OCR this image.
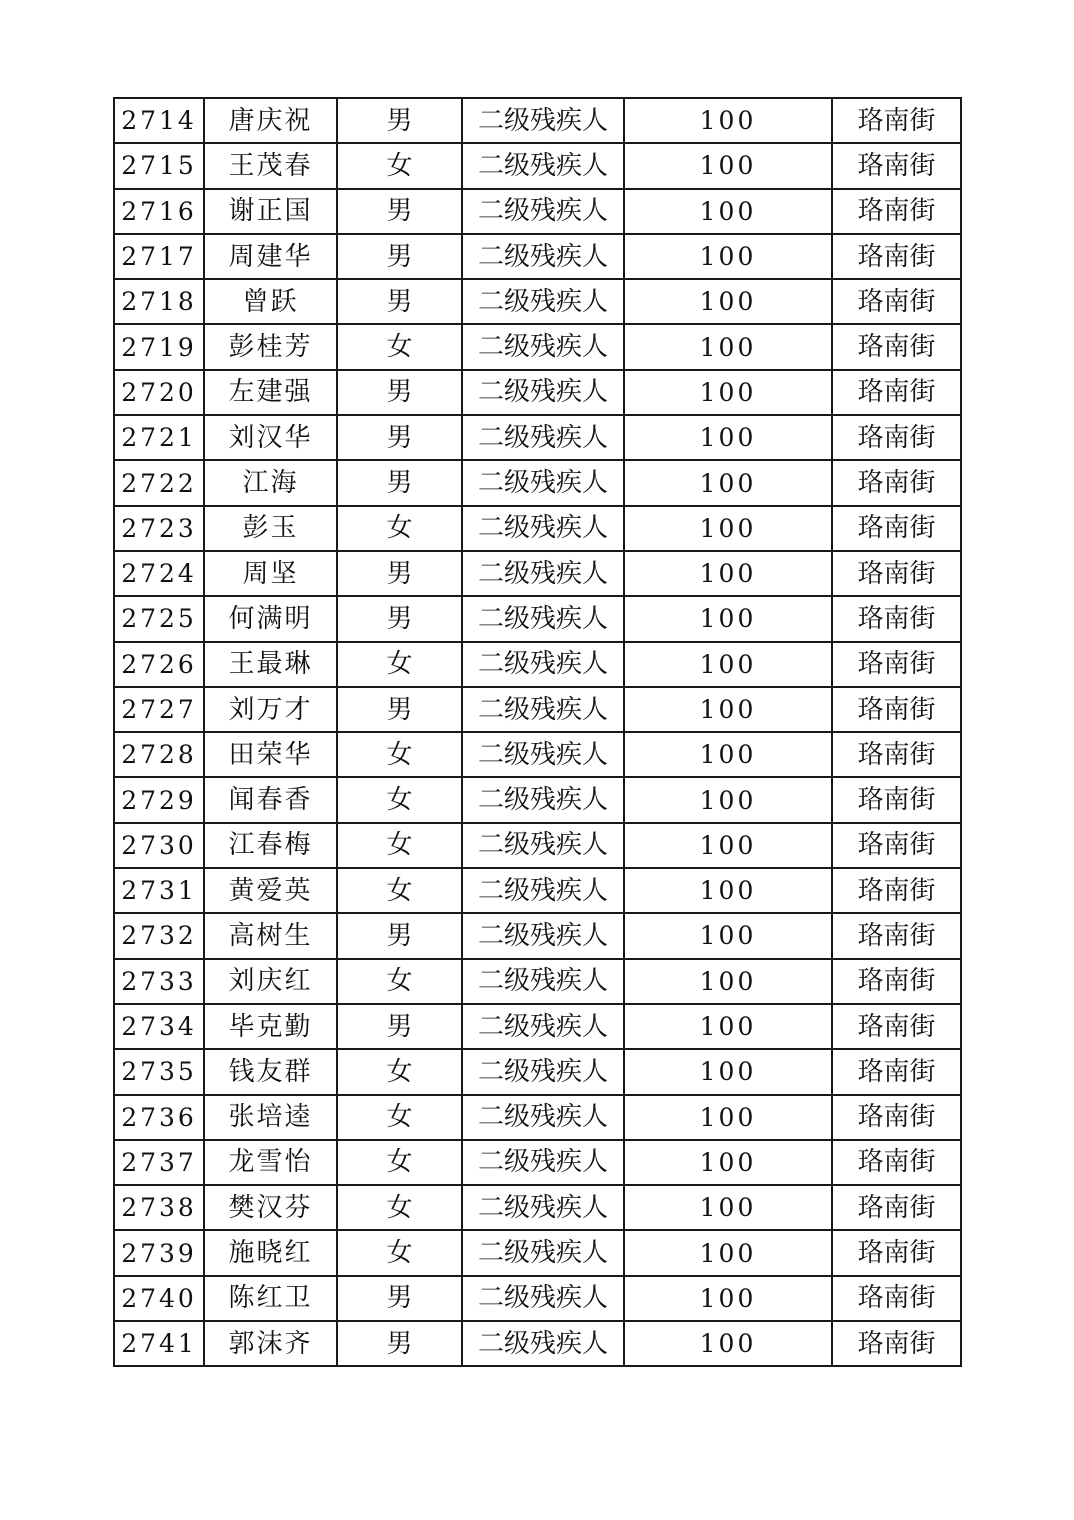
2714	唐庆祝	男	二级残疾人	100	珞南街
2715	王茂春	女	二级残疾人	100	珞南街
2716	谢正国	男	二级残疾人	100	珞南街
2717	周建华	男	二级残疾人	100	珞南街
2718	曾跃	男	二级残疾人	100	珞南街
2719	彭桂芳	女	二级残疾人	100	珞南街
2720	左建强	男	二级残疾人	100	珞南街
2721	刘汉华	男	二级残疾人	100	珞南街
2722	江海	男	二级残疾人	100	珞南街
2723	彭玉	女	二级残疾人	100	珞南街
2724	周坚	男	二级残疾人	100	珞南街
2725	何满明	男	二级残疾人	100	珞南街
2726	王最琳	女	二级残疾人	100	珞南街
2727	刘万才	男	二级残疾人	100	珞南街
2728	田荣华	女	二级残疾人	100	珞南街
2729	闻春香	女	二级残疾人	100	珞南街
2730	江春梅	女	二级残疾人	100	珞南街
2731	黄爱英	女	二级残疾人	100	珞南街
2732	高树生	男	二级残疾人	100	珞南街
2733	刘庆红	女	二级残疾人	100	珞南街
2734	毕克勤	男	二级残疾人	100	珞南街
2735	钱友群	女	二级残疾人	100	珞南街
2736	张培逵	女	二级残疾人	100	珞南街
2737	龙雪怡	女	二级残疾人	100	珞南街
2738	樊汉芬	女	二级残疾人	100	珞南街
2739	施晓红	女	二级残疾人	100	珞南街
2740	陈红卫	男	二级残疾人	100	珞南街
2741	郭沫齐	男	二级残疾人	100	珞南街
